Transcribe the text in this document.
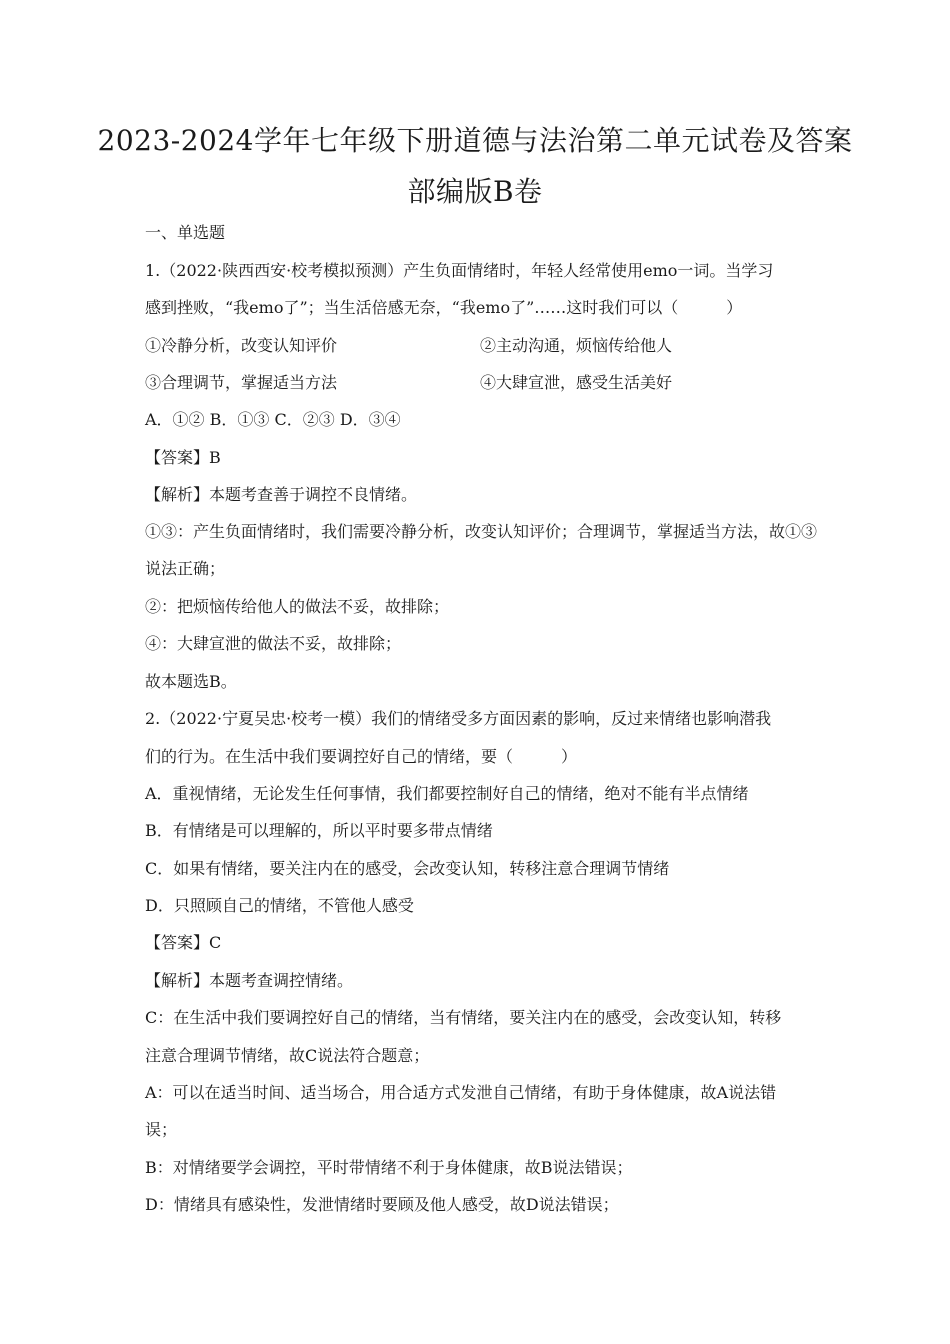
2023-2024学年七年级下册道德与法治第二单元试卷及答案
部编版B卷
一、单选题
1.（2022·陕西西安·校考模拟预测）产生负面情绪时，年轻人经常使用emo一词。当学习
感到挫败，“我emo了”；当生活倍感无奈，“我emo了”……这时我们可以（　　　）
①冷静分析，改变认知评价	②主动沟通，烦恼传给他人
③合理调节，掌握适当方法	④大肆宣泄，感受生活美好
A．①② B．①③ C．②③ D．③④
【答案】B
【解析】本题考查善于调控不良情绪。
①③：产生负面情绪时，我们需要冷静分析，改变认知评价；合理调节，掌握适当方法，故①③
说法正确；
②：把烦恼传给他人的做法不妥，故排除；
④：大肆宣泄的做法不妥，故排除；
故本题选B。
2.（2022·宁夏吴忠·校考一模）我们的情绪受多方面因素的影响，反过来情绪也影响潜我
们的行为。在生活中我们要调控好自己的情绪，要（　　　）
A．重视情绪，无论发生任何事情，我们都要控制好自己的情绪，绝对不能有半点情绪
B．有情绪是可以理解的，所以平时要多带点情绪
C．如果有情绪，要关注内在的感受，会改变认知，转移注意合理调节情绪
D．只照顾自己的情绪，不管他人感受
【答案】C
【解析】本题考查调控情绪。
C：在生活中我们要调控好自己的情绪，当有情绪，要关注内在的感受，会改变认知，转移
注意合理调节情绪，故C说法符合题意；
A：可以在适当时间、适当场合，用合适方式发泄自己情绪，有助于身体健康，故A说法错
误；
B：对情绪要学会调控，平时带情绪不利于身体健康，故B说法错误；
D：情绪具有感染性，发泄情绪时要顾及他人感受，故D说法错误；
